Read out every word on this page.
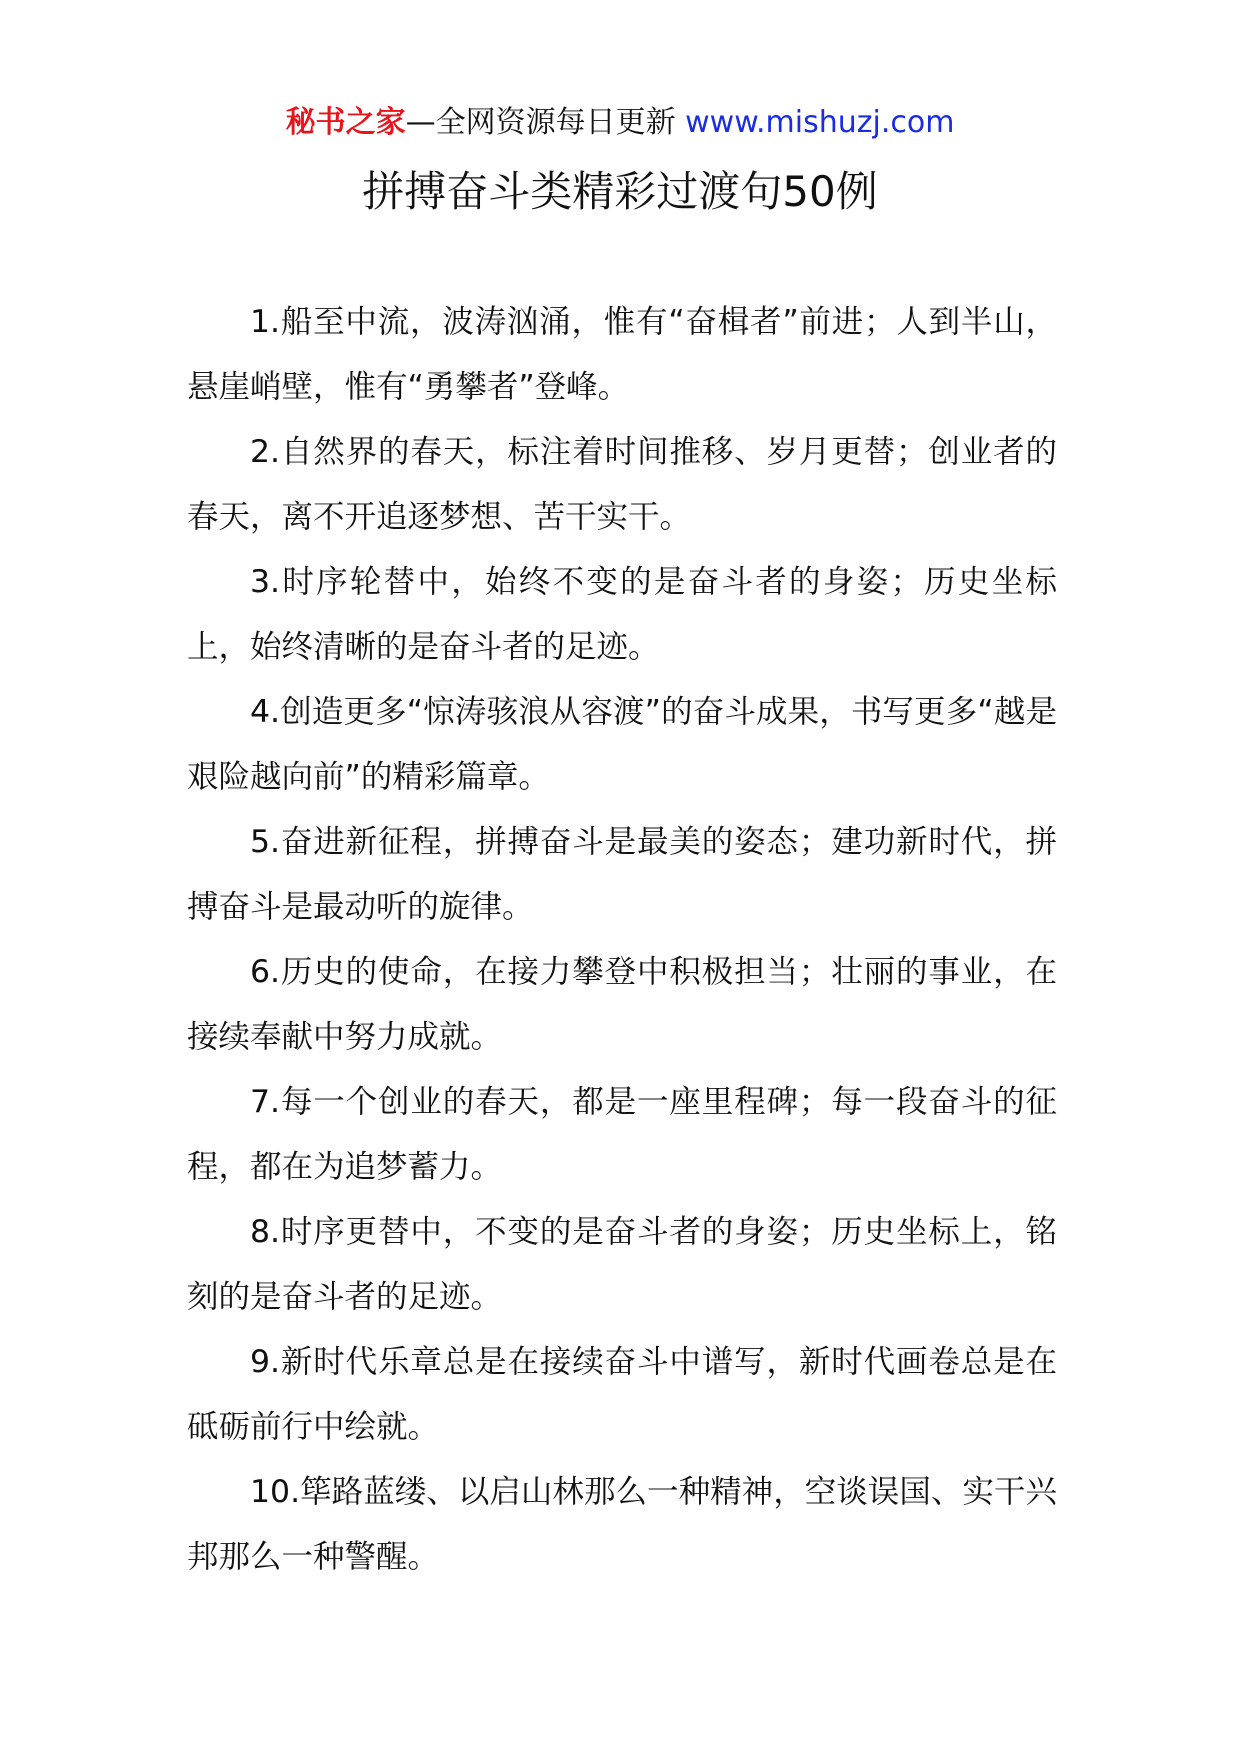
秘书之家—全网资源每日更新 www.mishuzj.com
拼搏奋斗类精彩过渡句50例

1.船至中流，波涛汹涌，惟有“奋楫者”前进；人到半山，悬崖峭壁，惟有“勇攀者”登峰。

2.自然界的春天，标注着时间推移、岁月更替；创业者的春天，离不开追逐梦想、苦干实干。

3.时序轮替中，始终不变的是奋斗者的身姿；历史坐标上，始终清晰的是奋斗者的足迹。

4.创造更多“惊涛骇浪从容渡”的奋斗成果，书写更多“越是艰险越向前”的精彩篇章。

5.奋进新征程，拼搏奋斗是最美的姿态；建功新时代，拼搏奋斗是最动听的旋律。

6.历史的使命，在接力攀登中积极担当；壮丽的事业，在接续奉献中努力成就。

7.每一个创业的春天，都是一座里程碑；每一段奋斗的征程，都在为追梦蓄力。

8.时序更替中，不变的是奋斗者的身姿；历史坐标上，铭刻的是奋斗者的足迹。

9.新时代乐章总是在接续奋斗中谱写，新时代画卷总是在砥砺前行中绘就。

10.筚路蓝缕、以启山林那么一种精神，空谈误国、实干兴邦那么一种警醒。
